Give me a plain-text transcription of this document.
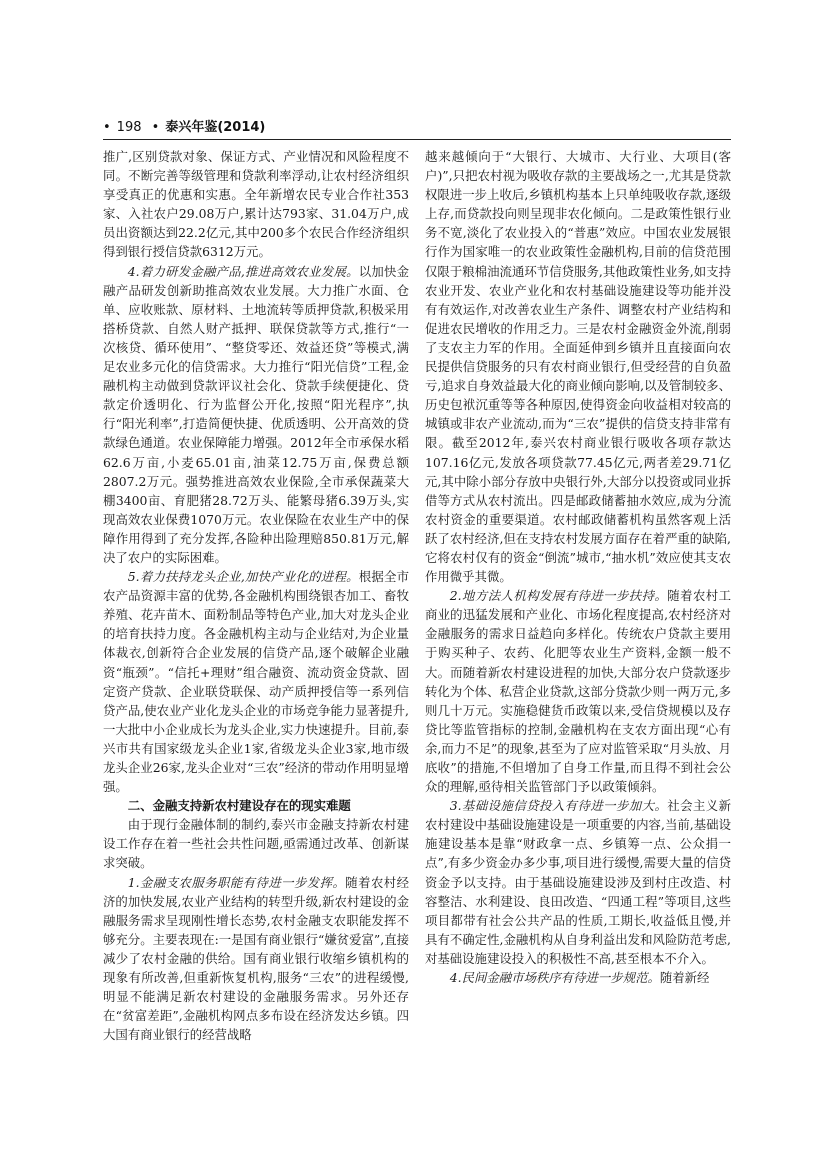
• 198 • 泰兴年鉴(2014)

推广,区别贷款对象、保证方式、产业情况和风险程度不同。不断完善等级管理和贷款利率浮动,让农村经济组织享受真正的优惠和实惠。全年新增农民专业合作社353家、入社农户29.08万户,累计达793家、31.04万户,成员出资额达到22.2亿元,其中200多个农民合作经济组织得到银行授信贷款6312万元。

4.着力研发金融产品,推进高效农业发展。以加快金融产品研发创新助推高效农业发展。大力推广水面、仓单、应收账款、原材料、土地流转等质押贷款,积极采用搭桥贷款、自然人财产抵押、联保贷款等方式,推行“一次核贷、循环使用”、“整贷零还、效益还贷”等模式,满足农业多元化的信贷需求。大力推行“阳光信贷”工程,金融机构主动做到贷款评议社会化、贷款手续便捷化、贷款定价透明化、行为监督公开化,按照“阳光程序”,执行“阳光利率”,打造简便快捷、优质透明、公开高效的贷款绿色通道。农业保障能力增强。2012年全市承保水稻62.6万亩,小麦65.01亩,油菜12.75万亩,保费总额2807.2万元。强势推进高效农业保险,全市承保蔬菜大棚3400亩、育肥猪28.72万头、能繁母猪6.39万头,实现高效农业保费1070万元。农业保险在农业生产中的保障作用得到了充分发挥,各险种出险理赔850.81万元,解决了农户的实际困难。

5.着力扶持龙头企业,加快产业化的进程。根据全市农产品资源丰富的优势,各金融机构围绕银杏加工、畜牧养殖、花卉苗木、面粉制品等特色产业,加大对龙头企业的培育扶持力度。各金融机构主动与企业结对,为企业量体裁衣,创新符合企业发展的信贷产品,逐个破解企业融资“瓶颈”。“信托+理财”组合融资、流动资金贷款、固定资产贷款、企业联贷联保、动产质押授信等一系列信贷产品,使农业产业化龙头企业的市场竞争能力显著提升,一大批中小企业成长为龙头企业,实力快速提升。目前,泰兴市共有国家级龙头企业1家,省级龙头企业3家,地市级龙头企业26家,龙头企业对“三农”经济的带动作用明显增强。

二、金融支持新农村建设存在的现实难题

由于现行金融体制的制约,泰兴市金融支持新农村建设工作存在着一些社会共性问题,亟需通过改革、创新谋求突破。

1.金融支农服务职能有待进一步发挥。随着农村经济的加快发展,农业产业结构的转型升级,新农村建设的金融服务需求呈现刚性增长态势,农村金融支农职能发挥不够充分。主要表现在:一是国有商业银行“嫌贫爱富”,直接减少了农村金融的供给。国有商业银行收缩乡镇机构的现象有所改善,但重新恢复机构,服务“三农”的进程缓慢,明显不能满足新农村建设的金融服务需求。另外还存在“贫富差距”,金融机构网点多布设在经济发达乡镇。四大国有商业银行的经营战略

越来越倾向于“大银行、大城市、大行业、大项目(客户)”,只把农村视为吸收存款的主要战场之一,尤其是贷款权限进一步上收后,乡镇机构基本上只单纯吸收存款,逐级上存,而贷款投向则呈现非农化倾向。二是政策性银行业务不宽,淡化了农业投入的“普惠”效应。中国农业发展银行作为国家唯一的农业政策性金融机构,目前的信贷范围仅限于粮棉油流通环节信贷服务,其他政策性业务,如支持农业开发、农业产业化和农村基础设施建设等功能并没有有效运作,对改善农业生产条件、调整农村产业结构和促进农民增收的作用乏力。三是农村金融资金外流,削弱了支农主力军的作用。全面延伸到乡镇并且直接面向农民提供信贷服务的只有农村商业银行,但受经营的自负盈亏,追求自身效益最大化的商业倾向影响,以及管制较多、历史包袱沉重等等各种原因,使得资金向收益相对较高的城镇或非农产业流动,而为“三农”提供的信贷支持非常有限。截至2012年,泰兴农村商业银行吸收各项存款达107.16亿元,发放各项贷款77.45亿元,两者差29.71亿元,其中除小部分存放中央银行外,大部分以投资或同业拆借等方式从农村流出。四是邮政储蓄抽水效应,成为分流农村资金的重要渠道。农村邮政储蓄机构虽然客观上活跃了农村经济,但在支持农村发展方面存在着严重的缺陷,它将农村仅有的资金“倒流”城市,“抽水机”效应使其支农作用微乎其微。

2.地方法人机构发展有待进一步扶持。随着农村工商业的迅猛发展和产业化、市场化程度提高,农村经济对金融服务的需求日益趋向多样化。传统农户贷款主要用于购买种子、农药、化肥等农业生产资料,金额一般不大。而随着新农村建设进程的加快,大部分农户贷款逐步转化为个体、私营企业贷款,这部分贷款少则一两万元,多则几十万元。实施稳健货币政策以来,受信贷规模以及存贷比等监管指标的控制,金融机构在支农方面出现“心有余,而力不足”的现象,甚至为了应对监管采取“月头放、月底收”的措施,不但增加了自身工作量,而且得不到社会公众的理解,亟待相关监管部门予以政策倾斜。

3.基础设施信贷投入有待进一步加大。社会主义新农村建设中基础设施建设是一项重要的内容,当前,基础设施建设基本是靠“财政拿一点、乡镇筹一点、公众捐一点”,有多少资金办多少事,项目进行缓慢,需要大量的信贷资金予以支持。由于基础设施建设涉及到村庄改造、村容整洁、水利建设、良田改造、“四通工程”等项目,这些项目都带有社会公共产品的性质,工期长,收益低且慢,并具有不确定性,金融机构从自身利益出发和风险防范考虑,对基础设施建设投入的积极性不高,甚至根本不介入。

4.民间金融市场秩序有待进一步规范。随着新经
